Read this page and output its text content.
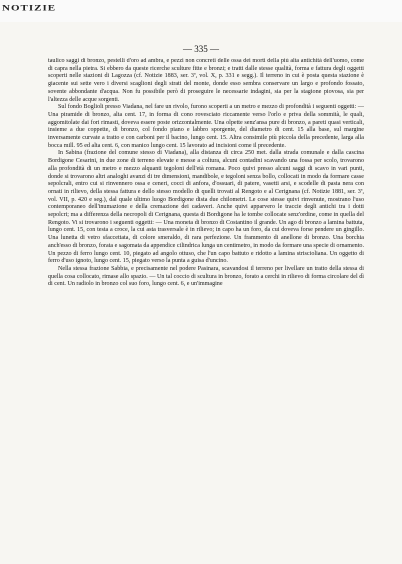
NOTIZIE
— 335 —

taulico saggi di bronzo, pestelli d'oro ad ambra, e pezzi non concreti delle ossa dei morti della più alta antichità dell'uomo, come di capra nella pietra. Si ebbero da queste ricerche sculture fitte e bronzi; e tratti dalle stesse qualità, forma e fattura degli oggetti scoperti nelle stazioni di Lagozza (cf. Notizie 1883, ser. 3ª, vol. X, p. 331 e segg.). Il terreno in cui è posta questa stazione è giacente sui sette vero i diversi scaglioni degli strati del monte, donde esso sembra conservare un largo e profondo fossato, sovente abbondante d'acqua. Non fu possibile però di proseguire le necessarie indagini, sia per la stagione piovosa, sia per l'altezza delle acque sorgenti.

Sul fondo Boglioli presso Viadana, nel fare un rivolo, furono scoperti a un metro e mezzo di profondità i seguenti oggetti: — Una piramide di bronzo, alta cent. 17, in forma di cono rovesciato riccamente verso l'orlo e priva della sommità, le quali, aggomitolate dai fori rimasti, doveva essere poste orizzontalmente. Una olpette senz'ansa pure di bronzo, a pareti quasi verticali, insieme a due coppette, di bronzo, col fondo piano e labbro sporgente, del diametro di cent. 15 alla base, sul margine inversamente curvate a tratto e con carboni per il bacino, lungo cent. 15. Altra consimile più piccola della precedente, larga alla bocca mill. 95 ed alta cent. 6, con manico lungo cent. 15 lavorato ad incisioni come il precedente.

In Sabina (frazione del comune stesso di Viadana), alla distanza di circa 250 met. dalla strada comunale e dalla cascina Bordigone Cesarini, in due zone di terreno elevate e messe a coltura, alcuni contadini scavando una fossa per scolo, trovarono alla profondità di un metro e mezzo alquanti tegoloni dell'età romana. Poco quivi presso alcuni saggi di scavo in vari punti, donde si trovarono altri analoghi avanzi di tre dimensioni, mandibole, e tegoloni senza bollo, collocati in modo da formare casse sepolcrali, entro cui si rinvennero ossa e ceneri, cocci di anfora, d'ossuari, di patere, vasetti arsi, e scodelle di pasta nera con ornati in rilievo, della stessa fattura e dello stesso modello di quelli trovati al Rengoto e al Cerignana (cf. Notizie 1881, ser. 3ª, vol. VII, p. 420 e seg.), dal quale ultimo luogo Bordigone dista due chilometri. Le cose stesse quivi rinvenute, mostrano l'uso contemporaneo dell'inumazione e della cremazione dei cadaveri. Anche quivi apparvero le traccie degli antichi tra i dotti sepolcri; ma a differenza della necropoli di Cerignana, questa di Bordigone ha le tombe collocate senz'ordine, come in quella del Rengoto. Vi si trovarono i seguenti oggetti: — Una moneta di bronzo di Costantino il grande. Un ago di bronzo a lamina battuta, lungo cent. 15, con testa a croce, la cui asta trasversale è in rilievo; in capo ha un foro, da cui doveva forse pendere un gingillo. Una lunetta di vetro sfaccettata, di colore smeraldo, di rara perfezione. Un frammento di anellone di bronzo. Una borchia anch'esso di bronzo, forata e sagomata da appendice cilindrica lunga un centimetro, in modo da formare una specie di ornamento. Un pezzo di ferro lungo cent. 10, piegato ad angolo ottuso, che l'un capo battuto e ridotto a lamina striscioliana. Un oggetto di ferro d'uso ignoto, lungo cent. 15, piegato verso la punta a guisa d'uncino.

Nella stessa frazione Sabbia, e precisamente nel podere Pasinara, scavandosi il terreno per livellare un tratto della stessa di quella cosa collocato, rimase allo spazio. — Un tal coccio di scultura in bronzo, forato a cerchi in rilievo di forma circolare del dì di cent. Un radiolo in bronzo col suo foro, lungo cent. 6, e un'immagine
